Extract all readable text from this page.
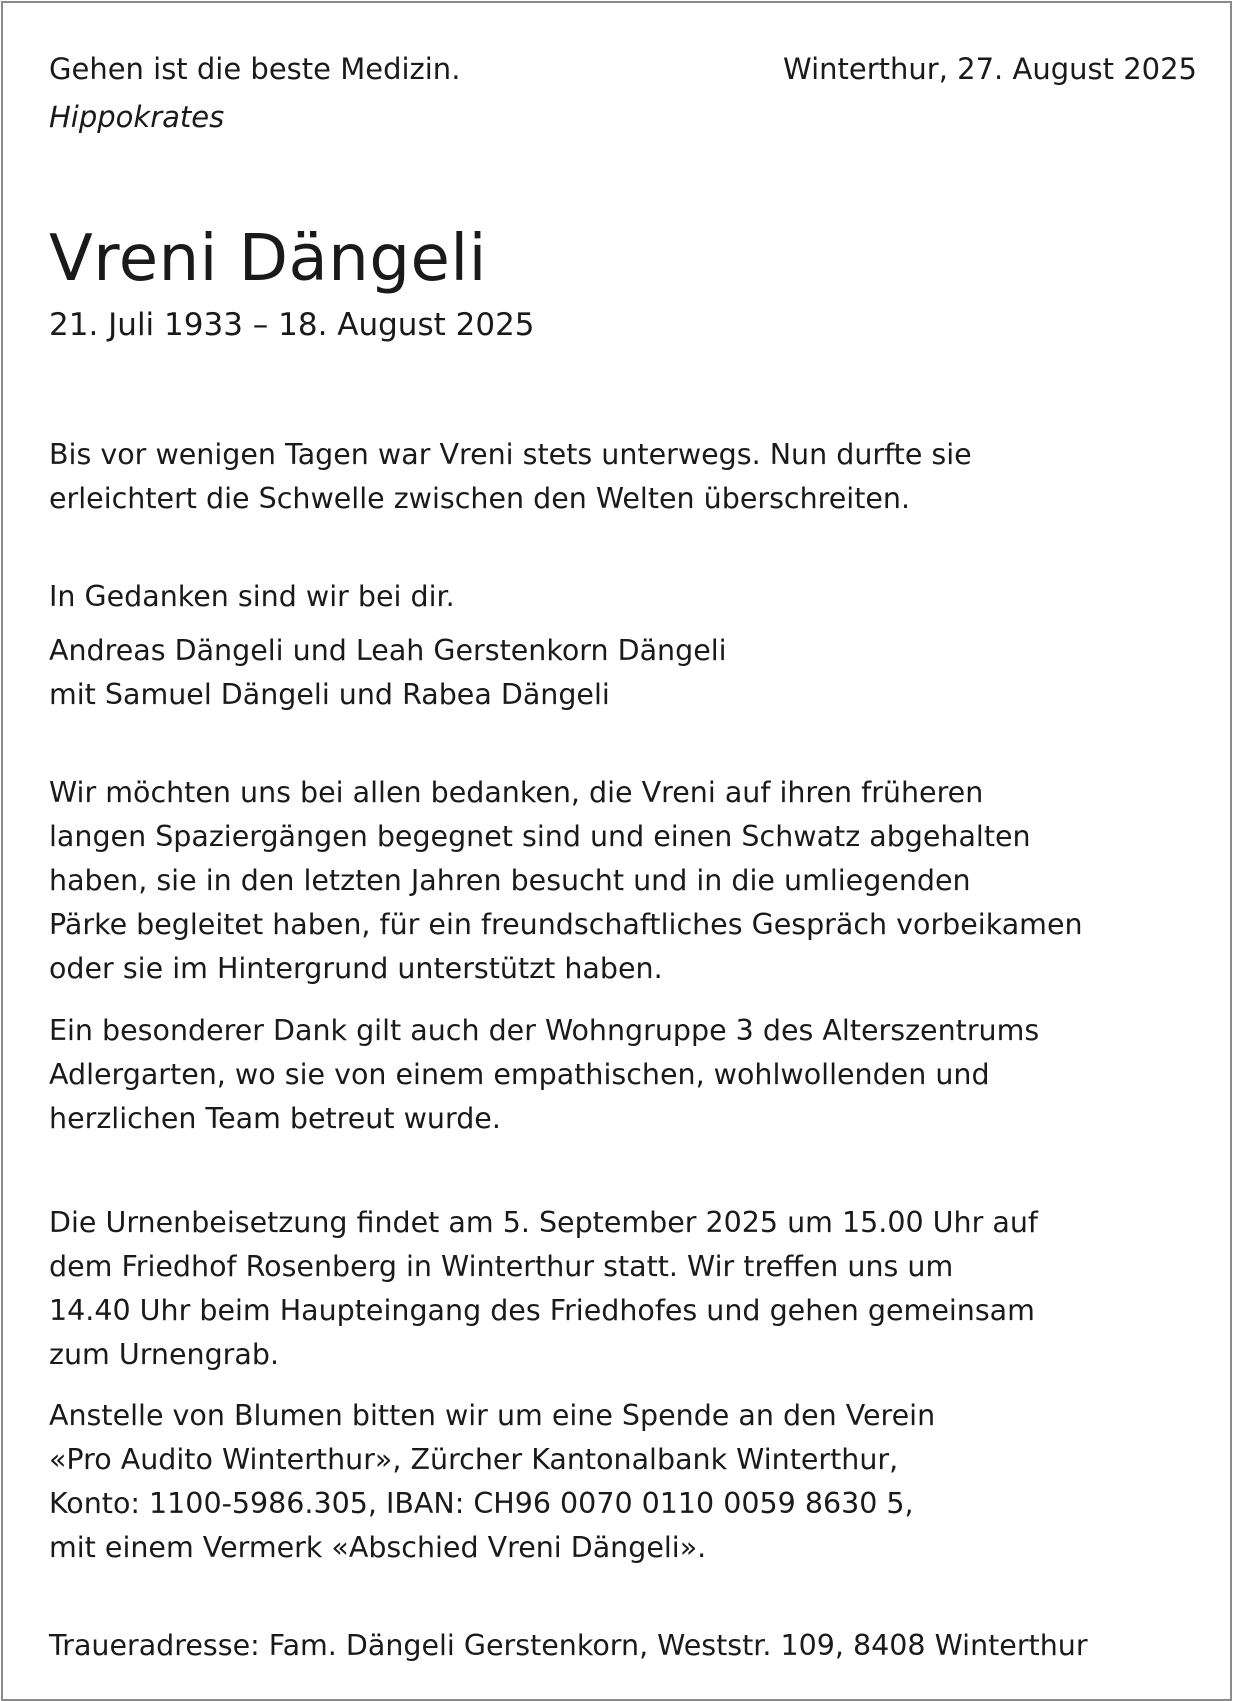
Gehen ist die beste Medizin.
Hippokrates
Winterthur, 27. August 2025
Vreni Dängeli
21. Juli 1933 – 18. August 2025
Bis vor wenigen Tagen war Vreni stets unterwegs. Nun durfte sie
erleichtert die Schwelle zwischen den Welten überschreiten.
In Gedanken sind wir bei dir.
Andreas Dängeli und Leah Gerstenkorn Dängeli
mit Samuel Dängeli und Rabea Dängeli
Wir möchten uns bei allen bedanken, die Vreni auf ihren früheren
langen Spaziergängen begegnet sind und einen Schwatz abgehalten
haben, sie in den letzten Jahren besucht und in die umliegenden
Pärke begleitet haben, für ein freundschaftliches Gespräch vorbeikamen
oder sie im Hintergrund unterstützt haben.
Ein besonderer Dank gilt auch der Wohngruppe 3 des Alterszentrums
Adlergarten, wo sie von einem empathischen, wohlwollenden und
herzlichen Team betreut wurde.
Die Urnenbeisetzung findet am 5. September 2025 um 15.00 Uhr auf
dem Friedhof Rosenberg in Winterthur statt. Wir treffen uns um
14.40 Uhr beim Haupteingang des Friedhofes und gehen gemeinsam
zum Urnengrab.
Anstelle von Blumen bitten wir um eine Spende an den Verein
«Pro Audito Winterthur», Zürcher Kantonalbank Winterthur,
Konto: 1100-5986.305, IBAN: CH96 0070 0110 0059 8630 5,
mit einem Vermerk «Abschied Vreni Dängeli».
Traueradresse: Fam. Dängeli Gerstenkorn, Weststr. 109, 8408 Winterthur
